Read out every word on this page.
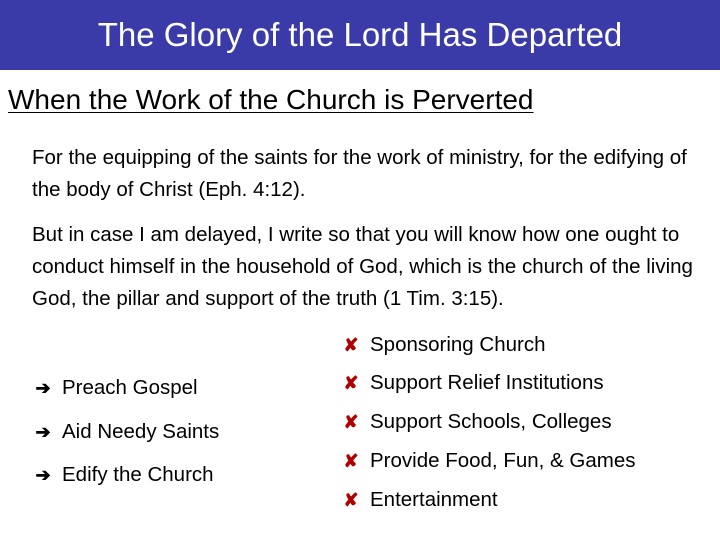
The Glory of the Lord Has Departed
When the Work of the Church is Perverted

For the equipping of the saints for the work of ministry, for the edifying of the body of Christ (Eph. 4:12).

But in case I am delayed, I write so that you will know how one ought to conduct himself in the household of God, which is the church of the living God, the pillar and support of the truth (1 Tim. 3:15).

➔ Preach Gospel
➔ Aid Needy Saints
➔ Edify the Church
✘ Sponsoring Church
✘ Support Relief Institutions
✘ Support Schools, Colleges
✘ Provide Food, Fun, & Games
✘ Entertainment
